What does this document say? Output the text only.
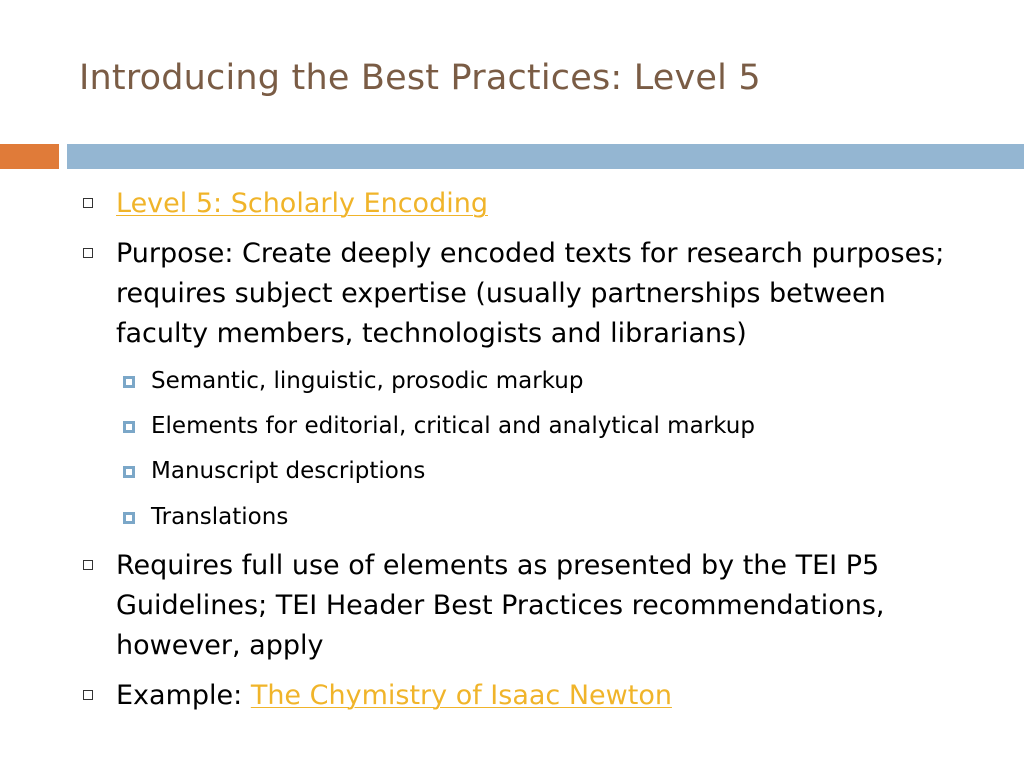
Introducing the Best Practices: Level 5
Level 5: Scholarly Encoding
Purpose: Create deeply encoded texts for research purposes; requires subject expertise (usually partnerships between faculty members, technologists and librarians)
Semantic, linguistic, prosodic markup
Elements for editorial, critical and analytical markup
Manuscript descriptions
Translations
Requires full use of elements as presented by the TEI P5 Guidelines; TEI Header Best Practices recommendations, however, apply
Example: The Chymistry of Isaac Newton
